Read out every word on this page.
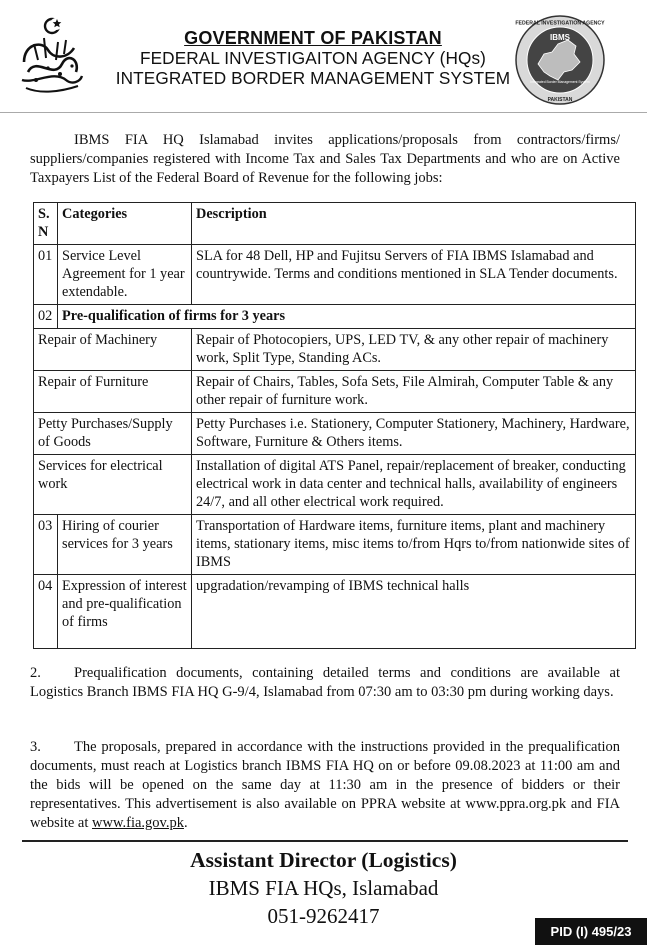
GOVERNMENT OF PAKISTAN
FEDERAL INVESTIGAITON AGENCY (HQs)
INTEGRATED BORDER MANAGEMENT SYSTEM
IBMS
Integrated Border Management System
FEDERAL INVESTIGATION AGENCY
PAKISTAN
IBMS FIA HQ Islamabad invites applications/proposals from contractors/firms/ suppliers/companies registered with Income Tax and Sales Tax Departments and who are on Active Taxpayers List of the Federal Board of Revenue for the following jobs:
S. N	Categories	Description
01	Service Level Agreement for 1 year extendable.	SLA for 48 Dell, HP and Fujitsu Servers of FIA IBMS Islamabad and countrywide. Terms and conditions mentioned in SLA Tender documents.
02	Pre-qualification of firms for 3 years	
Repair of Machinery		Repair of Photocopiers, UPS, LED TV, & any other repair of machinery work, Split Type, Standing ACs.
Repair of Furniture		Repair of Chairs, Tables, Sofa Sets, File Almirah, Computer Table & any other repair of furniture work.
Petty Purchases/Supply of Goods		Petty Purchases i.e. Stationery, Computer Stationery, Machinery, Hardware, Software, Furniture & Others items.
Services for electrical work		Installation of digital ATS Panel, repair/replacement of breaker, conducting electrical work in data center and technical halls, availability of engineers 24/7, and all other electrical work required.
03	Hiring of courier services for 3 years	Transportation of Hardware items, furniture items, plant and machinery items, stationary items, misc items to/from Hqrs to/from nationwide sites of IBMS
04	Expression of interest and pre-qualification of firms	upgradation/revamping of IBMS technical halls
2. Prequalification documents, containing detailed terms and conditions are available at Logistics Branch IBMS FIA HQ G-9/4, Islamabad from 07:30 am to 03:30 pm during working days.
3. The proposals, prepared in accordance with the instructions provided in the prequalification documents, must reach at Logistics branch IBMS FIA HQ on or before 09.08.2023 at 11:00 am and the bids will be opened on the same day at 11:30 am in the presence of bidders or their representatives. This advertisement is also available on PPRA website at www.ppra.org.pk and FIA website at www.fia.gov.pk.
Assistant Director (Logistics)
IBMS FIA HQs, Islamabad
051-9262417
PID (I) 495/23
